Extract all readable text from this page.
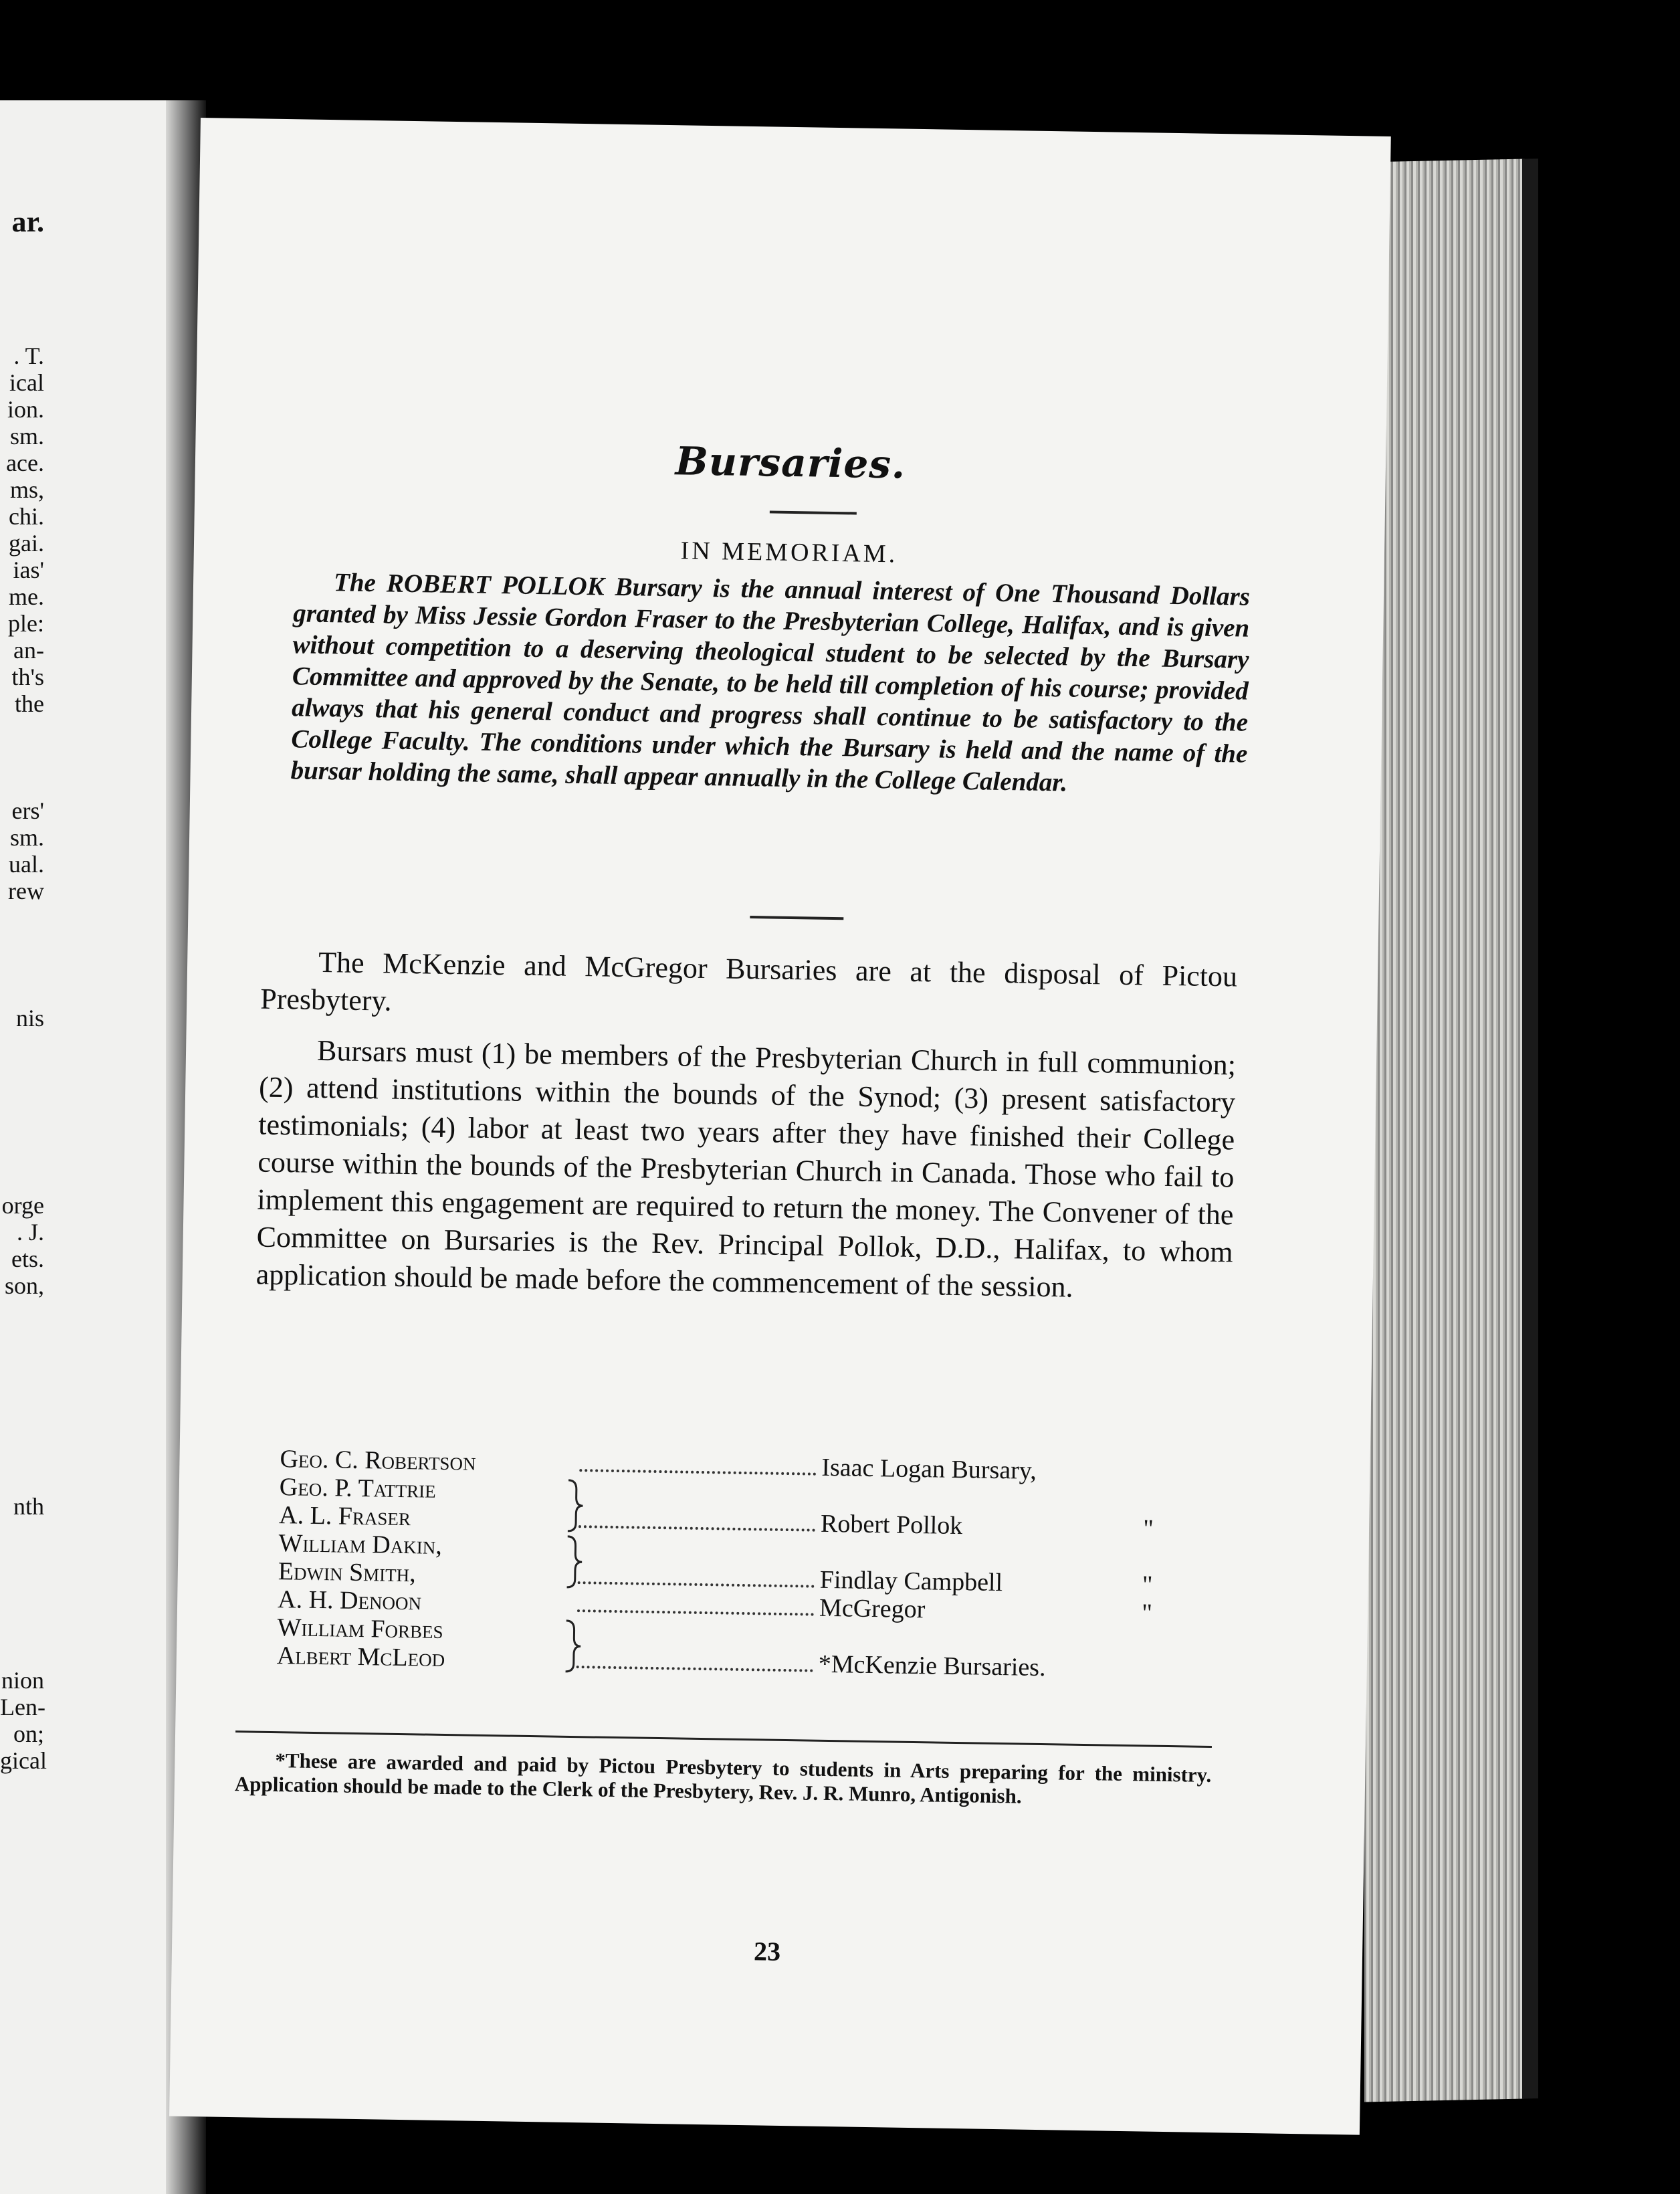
ar.
. T.
ical
ion.
sm.
ace.
ms,
chi.
gai.
ias'
me.
ple:
an-
th's
the
ers'
sm.
ual.
rew
nis
orge
. J.
ets.
son,
nth
nion
Len-
on;
gical
Bursaries.
IN MEMORIAM.
The ROBERT POLLOK Bursary is the annual interest of One Thousand Dollars granted by Miss Jessie Gordon Fraser to the Presbyterian College, Halifax, and is given without competition to a deserving theological student to be selected by the Bursary Committee and approved by the Senate, to be held till completion of his course; provided always that his general conduct and progress shall continue to be satisfactory to the College Faculty. The conditions under which the Bursary is held and the name of the bursar holding the same, shall appear annually in the College Calendar.

The McKenzie and McGregor Bursaries are at the disposal of Pictou Presbytery.

Bursars must (1) be members of the Presbyterian Church in full communion; (2) attend institutions within the bounds of the Synod; (3) present satisfactory testimonials; (4) labor at least two years after they have finished their College course within the bounds of the Presbyterian Church in Canada. Those who fail to implement this engagement are required to return the money. The Convener of the Committee on Bursaries is the Rev. Principal Pollok, D.D., Halifax, to whom application should be made before the commencement of the session.

Geo. C. Robertson	Isaac Logan Bursary,
Geo. P. Tattrie
A. L. Fraser	Robert Pollok	"
William Dakin,
Edwin Smith,	Findlay Campbell	"
A. H. Denoon	McGregor	"
William Forbes
Albert McLeod	*McKenzie Bursaries.
*These are awarded and paid by Pictou Presbytery to students in Arts preparing for the ministry. Application should be made to the Clerk of the Presbytery, Rev. J. R. Munro, Antigonish.
23
